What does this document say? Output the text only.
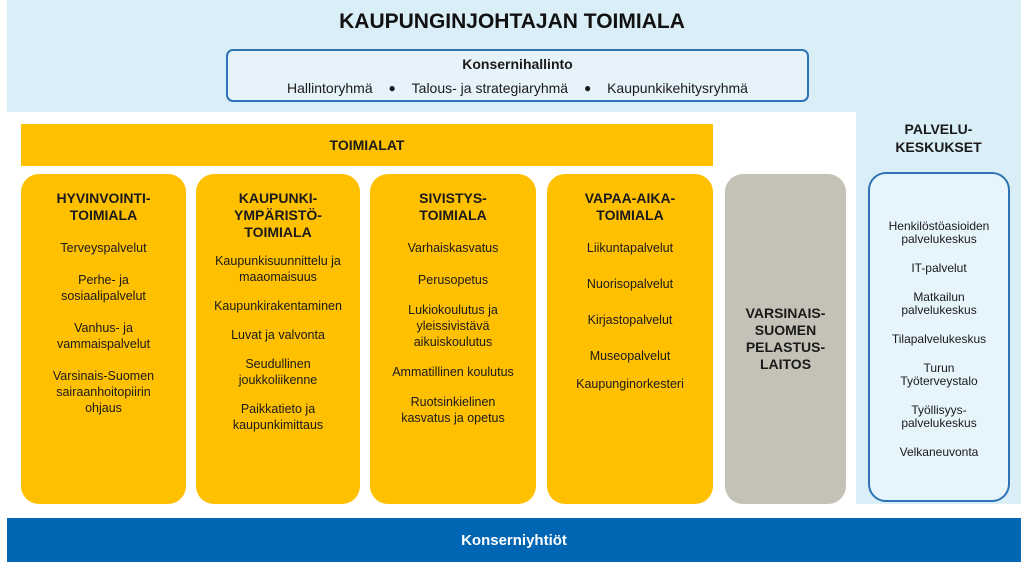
KAUPUNGINJOHTAJAN TOIMIALA
Konsernihallinto
Hallintoryhmä ● Talous- ja strategiaryhmä ● Kaupunkikehitysryhmä
TOIMIALAT
HYVINVOINTI-
TOIMIALA
Terveyspalvelut
Perhe- ja
sosiaalipalvelut
Vanhus- ja
vammaispalvelut
Varsinais-Suomen
sairaanhoitopiirin
ohjaus
KAUPUNKI-
YMPÄRISTÖ-
TOIMIALA
Kaupunkisuunnittelu ja
maaomaisuus
Kaupunkirakentaminen
Luvat ja valvonta
Seudullinen
joukkoliikenne
Paikkatieto ja
kaupunkimittaus
SIVISTYS-
TOIMIALA
Varhaiskasvatus
Perusopetus
Lukiokoulutus ja
yleissivistävä
aikuiskoulutus
Ammatillinen koulutus
Ruotsinkielinen
kasvatus ja opetus
VAPAA-AIKA-
TOIMIALA
Liikuntapalvelut
Nuorisopalvelut
Kirjastopalvelut
Museopalvelut
Kaupunginorkesteri
VARSINAIS-
SUOMEN
PELASTUS-
LAITOS
PALVELU-
KESKUKSET
Henkilöstöasioiden
palvelukeskus
IT-palvelut
Matkailun
palvelukeskus
Tilapalvelukeskus
Turun
Työterveystalo
Työllisyys-
palvelukeskus
Velkaneuvonta
Konserniyhtiöt
